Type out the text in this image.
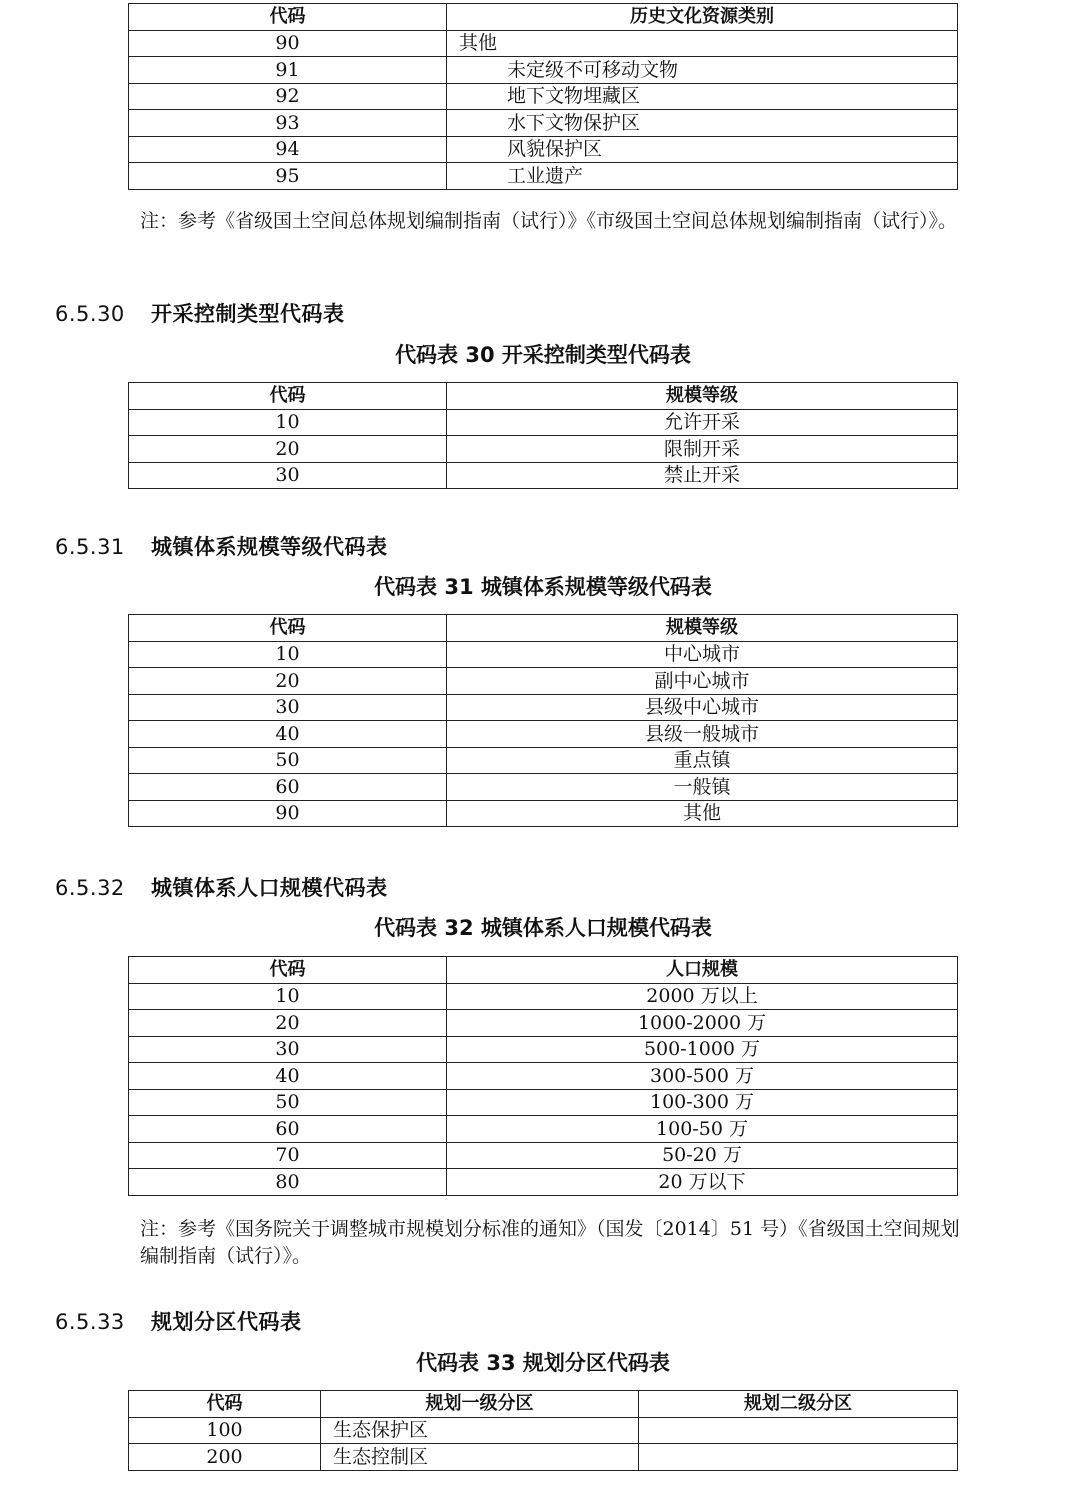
代码	历史文化资源类别
90	其他
91	未定级不可移动文物
92	地下文物埋藏区
93	水下文物保护区
94	风貌保护区
95	工业遗产
注：参考《省级国土空间总体规划编制指南（试行）》《市级国土空间总体规划编制指南（试行）》。
6.5.30 开采控制类型代码表
代码表 30 开采控制类型代码表
代码	规模等级
10	允许开采
20	限制开采
30	禁止开采
6.5.31 城镇体系规模等级代码表
代码表 31 城镇体系规模等级代码表
代码	规模等级
10	中心城市
20	副中心城市
30	县级中心城市
40	县级一般城市
50	重点镇
60	一般镇
90	其他
6.5.32 城镇体系人口规模代码表
代码表 32 城镇体系人口规模代码表
代码	人口规模
10	2000 万以上
20	1000-2000 万
30	500-1000 万
40	300-500 万
50	100-300 万
60	100-50 万
70	50-20 万
80	20 万以下
注：参考《国务院关于调整城市规模划分标准的通知》（国发〔2014〕51 号）《省级国土空间规划编制指南（试行）》。
6.5.33 规划分区代码表
代码表 33 规划分区代码表
代码	规划一级分区	规划二级分区
100	生态保护区	
200	生态控制区	
